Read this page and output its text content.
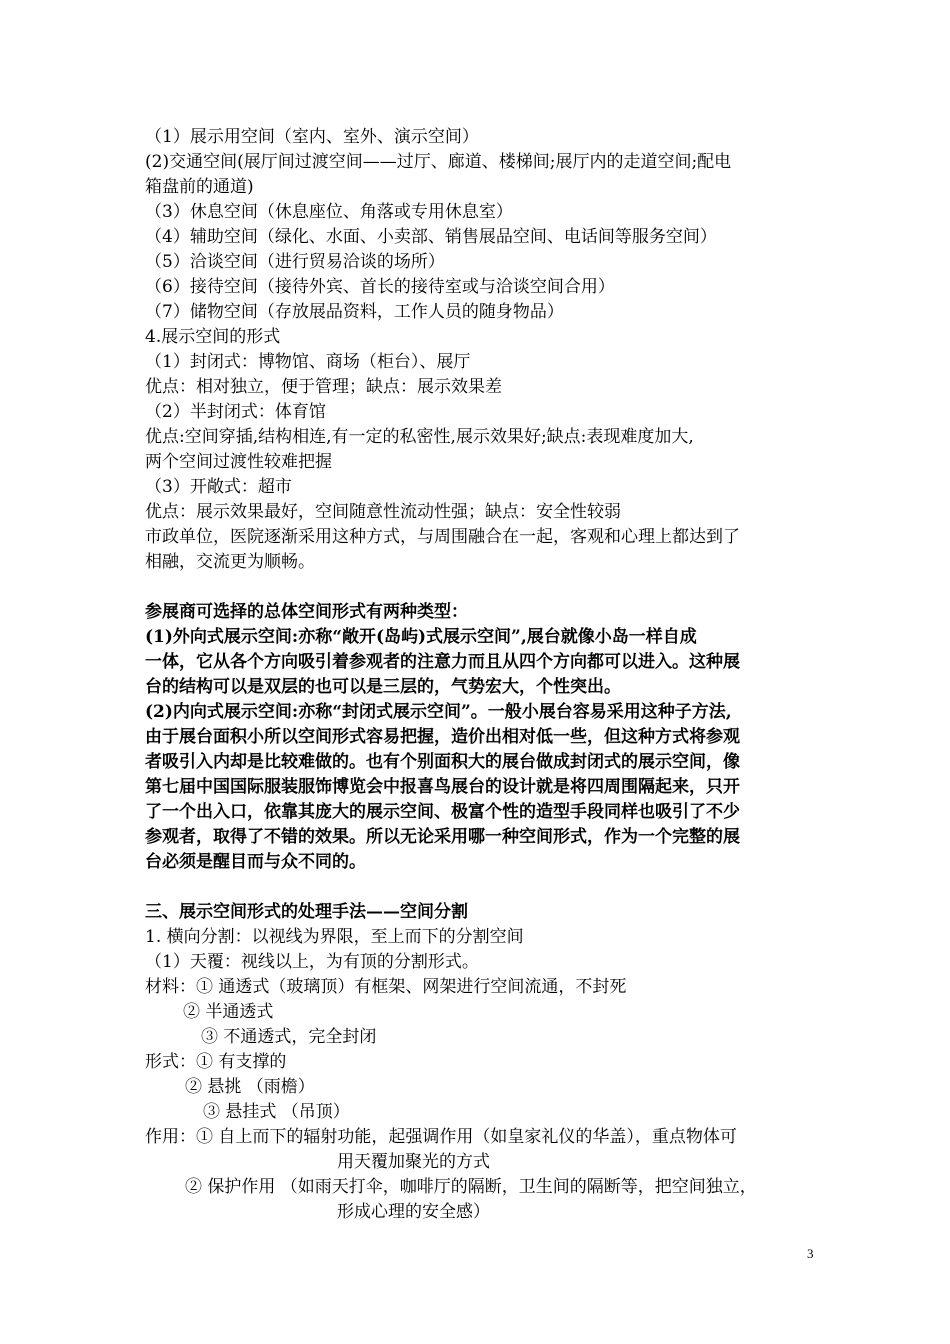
（1）展示用空间（室内、室外、演示空间）
(2)交通空间(展厅间过渡空间——过厅、廊道、楼梯间;展厅内的走道空间;配电
箱盘前的通道)
（3）休息空间（休息座位、角落或专用休息室）
（4）辅助空间（绿化、水面、小卖部、销售展品空间、电话间等服务空间）
（5）洽谈空间（进行贸易洽谈的场所）
（6）接待空间（接待外宾、首长的接待室或与洽谈空间合用）
（7）储物空间（存放展品资料，工作人员的随身物品）
4.展示空间的形式
（1）封闭式：博物馆、商场（柜台）、展厅
优点：相对独立，便于管理；缺点：展示效果差
（2）半封闭式：体育馆
优点:空间穿插,结构相连,有一定的私密性,展示效果好;缺点:表现难度加大,
两个空间过渡性较难把握
（3）开敞式：超市
优点：展示效果最好，空间随意性流动性强；缺点：安全性较弱
市政单位，医院逐渐采用这种方式，与周围融合在一起，客观和心理上都达到了
相融，交流更为顺畅。
参展商可选择的总体空间形式有两种类型：
(1)外向式展示空间:亦称“敞开(岛屿)式展示空间”,展台就像小岛一样自成
一体，它从各个方向吸引着参观者的注意力而且从四个方向都可以进入。这种展
台的结构可以是双层的也可以是三层的，气势宏大，个性突出。
(2)内向式展示空间:亦称“封闭式展示空间”。一般小展台容易采用这种子方法,
由于展台面积小所以空间形式容易把握，造价出相对低一些，但这种方式将参观
者吸引入内却是比较难做的。也有个别面积大的展台做成封闭式的展示空间，像
第七届中国国际服装服饰博览会中报喜鸟展台的设计就是将四周围隔起来，只开
了一个出入口，依靠其庞大的展示空间、极富个性的造型手段同样也吸引了不少
参观者，取得了不错的效果。所以无论采用哪一种空间形式，作为一个完整的展
台必须是醒目而与众不同的。
三、展示空间形式的处理手法——空间分割
1. 横向分割：以视线为界限，至上而下的分割空间
（1）天覆：视线以上，为有顶的分割形式。
材料：① 通透式（玻璃顶）有框架、网架进行空间流通，不封死
② 半通透式
③ 不通透式，完全封闭
形式：① 有支撑的
② 悬挑 （雨檐）
③ 悬挂式 （吊顶）
作用：① 自上而下的辐射功能，起强调作用（如皇家礼仪的华盖），重点物体可
用天覆加聚光的方式
② 保护作用 （如雨天打伞，咖啡厅的隔断，卫生间的隔断等，把空间独立，
形成心理的安全感）
3
